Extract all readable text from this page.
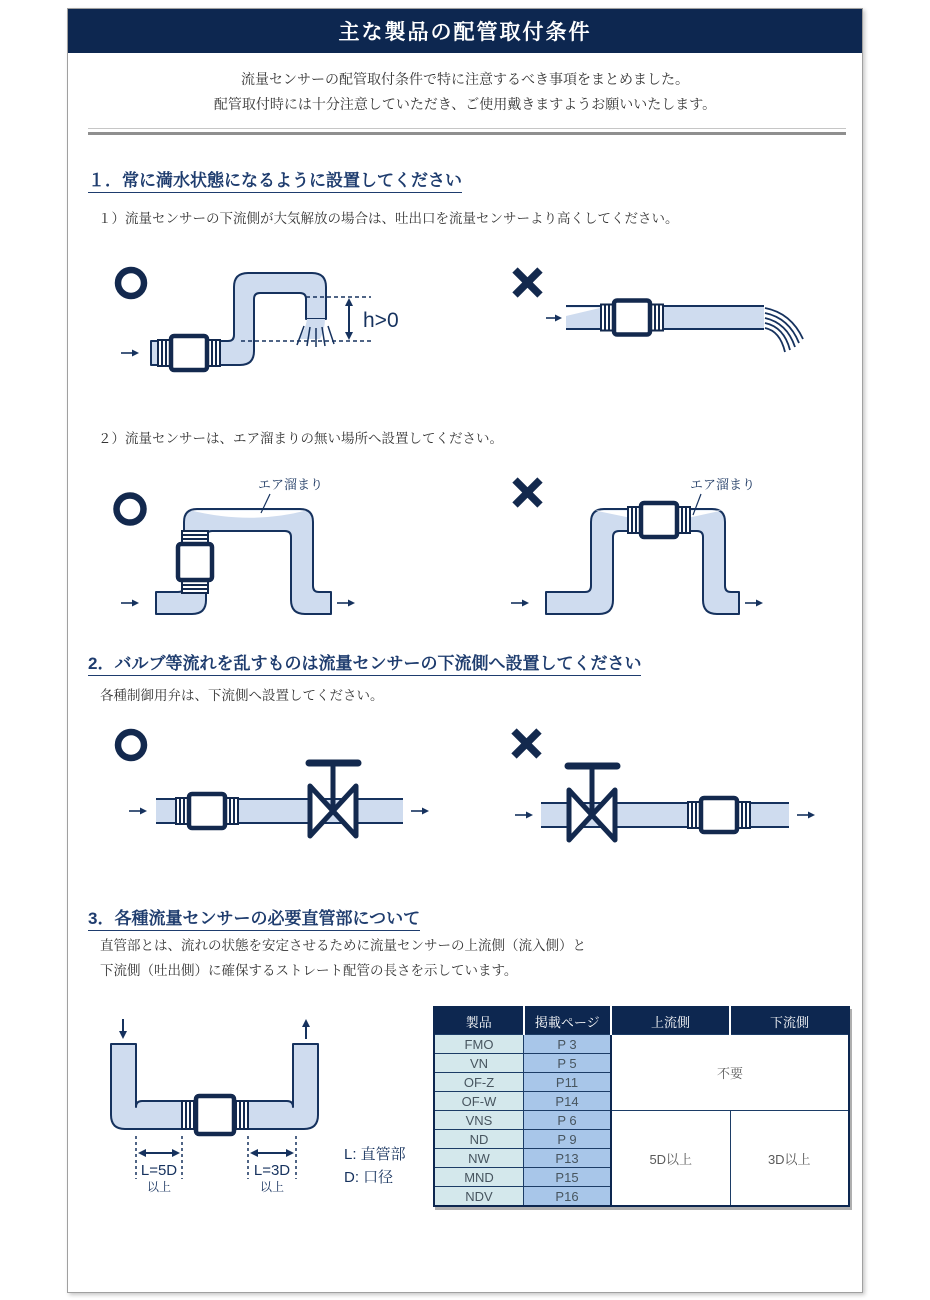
主な製品の配管取付条件
流量センサーの配管取付条件で特に注意するべき事項をまとめました。
配管取付時には十分注意していただき、ご使用戴きますようお願いいたします。
１．常に満水状態になるように設置してください
１）流量センサーの下流側が大気解放の場合は、吐出口を流量センサーより高くしてください。
h>0
２）流量センサーは、エア溜まりの無い場所へ設置してください。
エア溜まり	エア溜まり
2．バルブ等流れを乱すものは流量センサーの下流側へ設置してください
各種制御用弁は、下流側へ設置してください。
3．各種流量センサーの必要直管部について
直管部とは、流れの状態を安定させるために流量センサーの上流側（流入側）と
下流側（吐出側）に確保するストレート配管の長さを示しています。
L=5D
以上
L=3D
以上
L: 直管部
D: 口径
製品	掲載ページ	上流側	下流側
FMO	P 3	不要	
VN	P 5		
OF-Z	P11		
OF-W	P14		
VNS	P 6	5D以上	3D以上
ND	P 9		
NW	P13		
MND	P15		
NDV	P16		
